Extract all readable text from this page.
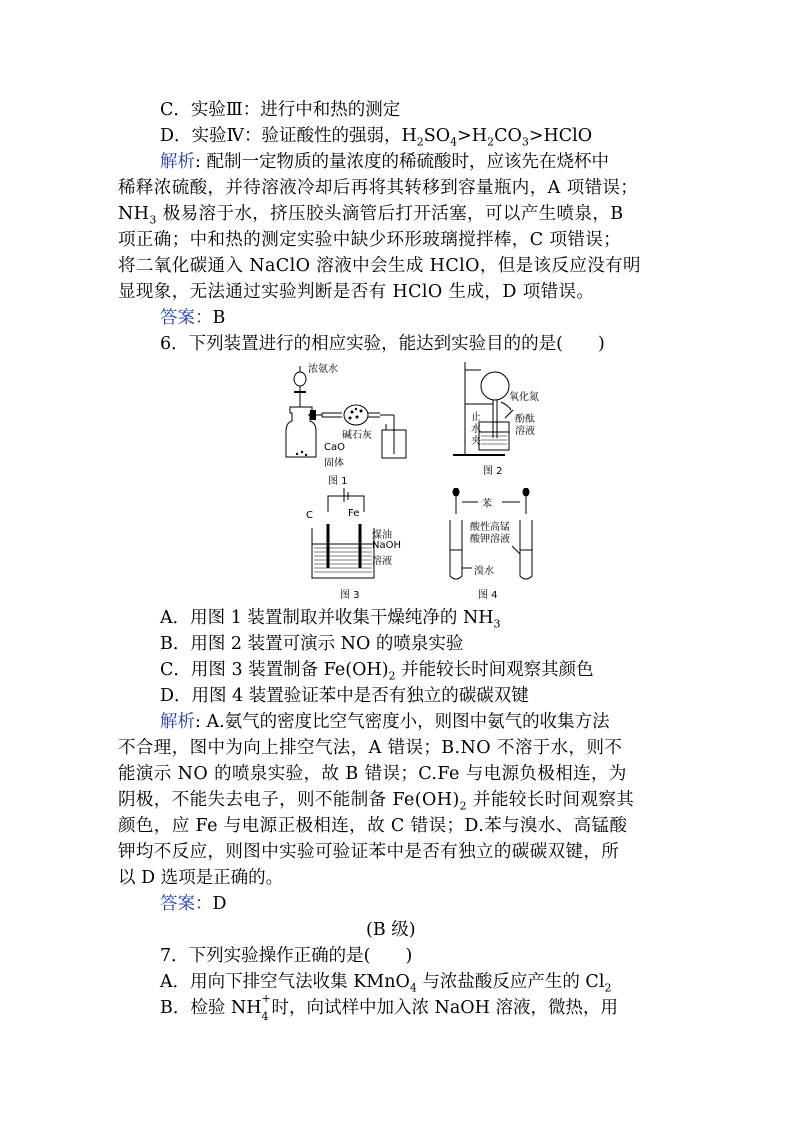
C．实验Ⅲ：进行中和热的测定
D．实验Ⅳ：验证酸性的强弱，$H_2SO_4>H_2CO_3>HClO$
解析: 配制一定物质的量浓度的稀硫酸时，应该先在烧杯中
稀释浓硫酸，并待溶液冷却后再将其转移到容量瓶内，A 项错误；
$NH_3$ 极易溶于水，挤压胶头滴管后打开活塞，可以产生喷泉，B
项正确；中和热的测定实验中缺少环形玻璃搅拌棒，C 项错误；
将二氧化碳通入 NaClO 溶液中会生成 HClO，但是该反应没有明
显现象，无法通过实验判断是否有 HClO 生成，D 项错误。
答案：B
6．下列装置进行的相应实验，能达到实验目的的是(　　)
浓氨水
碱石灰
CaO
固体
图 1
氧化氮
止
水
夹
酚酞
溶液
图 2
C	Fe
煤油
NaOH
溶液
图 3
苯
酸性高锰
酸钾溶液
溴水
图 4
A．用图 1 装置制取并收集干燥纯净的 $NH_3$
B．用图 2 装置可演示 NO 的喷泉实验
C．用图 3 装置制备 $Fe(OH)_2$ 并能较长时间观察其颜色
D．用图 4 装置验证苯中是否有独立的碳碳双键
解析: A.氨气的密度比空气密度小，则图中氨气的收集方法
不合理，图中为向上排空气法，A 错误；B.NO 不溶于水，则不
能演示 NO 的喷泉实验，故 B 错误；C.Fe 与电源负极相连，为
阴极，不能失去电子，则不能制备 $Fe(OH)_2$ 并能较长时间观察其
颜色，应 Fe 与电源正极相连，故 C 错误；D.苯与溴水、高锰酸
钾均不反应，则图中实验可验证苯中是否有独立的碳碳双键，所
以 D 选项是正确的。
答案：D
(B 级)
7．下列实验操作正确的是(　　)
A．用向下排空气法收集 KMnO$_4$ 与浓盐酸反应产生的 $Cl_2$
B．检验 NH +
4 时，向试样中加入浓 NaOH 溶液，微热，用
